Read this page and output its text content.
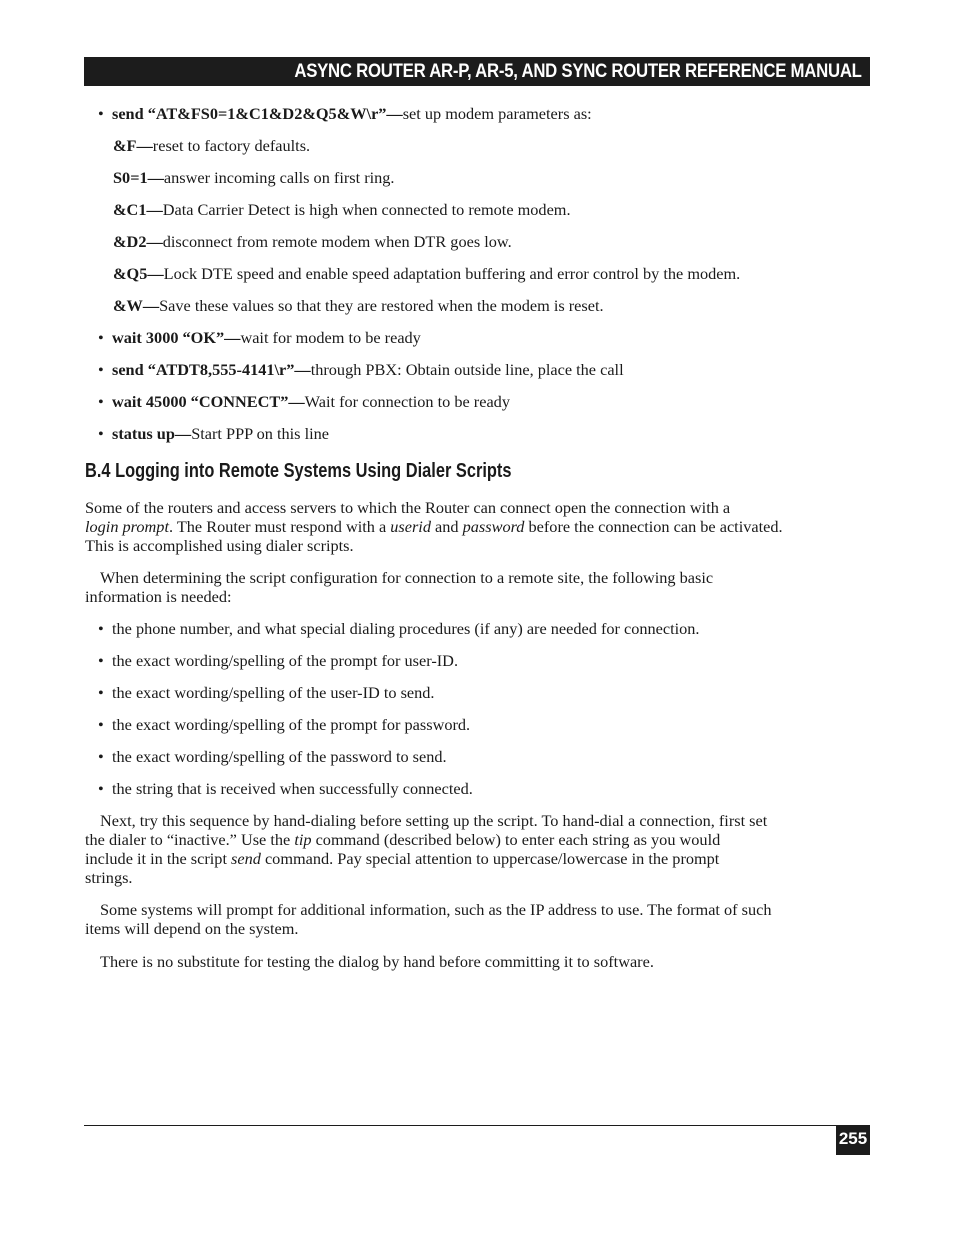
ASYNC ROUTER AR-P, AR-5, AND SYNC ROUTER REFERENCE MANUAL
• send “AT&FS0=1&C1&D2&Q5&W\r”—set up modem parameters as:
&F—reset to factory defaults.
S0=1—answer incoming calls on first ring.
&C1—Data Carrier Detect is high when connected to remote modem.
&D2—disconnect from remote modem when DTR goes low.
&Q5—Lock DTE speed and enable speed adaptation buffering and error control by the modem.
&W—Save these values so that they are restored when the modem is reset.
• wait 3000 “OK”—wait for modem to be ready
• send “ATDT8,555-4141\r”—through PBX: Obtain outside line, place the call
• wait 45000 “CONNECT”—Wait for connection to be ready
• status up—Start PPP on this line
B.4 Logging into Remote Systems Using Dialer Scripts
Some of the routers and access servers to which the Router can connect open the connection with a
login prompt. The Router must respond with a userid and password before the connection can be activated.
This is accomplished using dialer scripts.
When determining the script configuration for connection to a remote site, the following basic
information is needed:
• the phone number, and what special dialing procedures (if any) are needed for connection.
• the exact wording/spelling of the prompt for user-ID.
• the exact wording/spelling of the user-ID to send.
• the exact wording/spelling of the prompt for password.
• the exact wording/spelling of the password to send.
• the string that is received when successfully connected.
Next, try this sequence by hand-dialing before setting up the script. To hand-dial a connection, first set
the dialer to “inactive.” Use the tip command (described below) to enter each string as you would
include it in the script send command. Pay special attention to uppercase/lowercase in the prompt
strings.
Some systems will prompt for additional information, such as the IP address to use. The format of such
items will depend on the system.
There is no substitute for testing the dialog by hand before committing it to software.
255
